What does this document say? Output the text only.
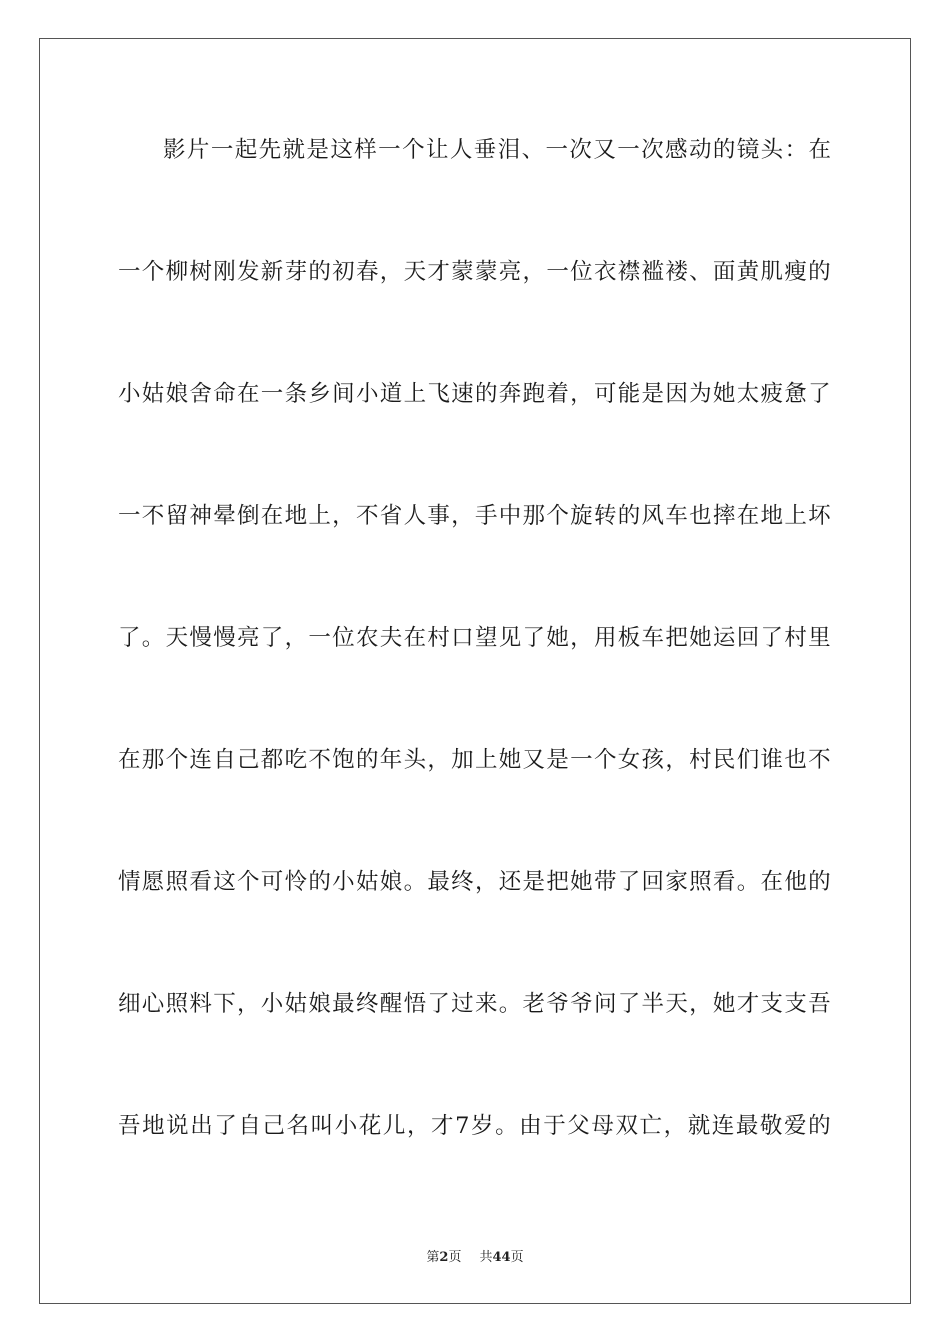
影 片 一 起 先 就 是 这 样 一 个 让 人 垂 泪 、 一 次 又 一 次 感 动 的 镜 头 ： 在
一 个 柳 树 刚 发 新 芽 的 初 春 ， 天 才 蒙 蒙 亮 ， 一 位 衣 襟 褴 褛 、 面 黄 肌 瘦 的
小 姑 娘 舍 命 在 一 条 乡 间 小 道 上 飞 速 的 奔 跑 着 ， 可 能 是 因 为 她 太 疲 惫 了
一 不 留 神 晕 倒 在 地 上 ， 不 省 人 事 ， 手 中 那 个 旋 转 的 风 车 也 摔 在 地 上 坏
了 。 天 慢 慢 亮 了 ， 一 位 农 夫 在 村 口 望 见 了 她 ， 用 板 车 把 她 运 回 了 村 里
在 那 个 连 自 己 都 吃 不 饱 的 年 头 ， 加 上 她 又 是 一 个 女 孩 ， 村 民 们 谁 也 不
情 愿 照 看 这 个 可 怜 的 小 姑 娘 。 最 终 ， 还 是 把 她 带 了 回 家 照 看 。 在 他 的
细 心 照 料 下 ， 小 姑 娘 最 终 醒 悟 了 过 来 。 老 爷 爷 问 了 半 天 ， 她 才 支 支 吾
吾 地 说 出 了 自 己 名 叫 小 花 儿 ， 才 7 岁 。 由 于 父 母 双 亡 ， 就 连 最 敬 爱 的
第2页 共44页
